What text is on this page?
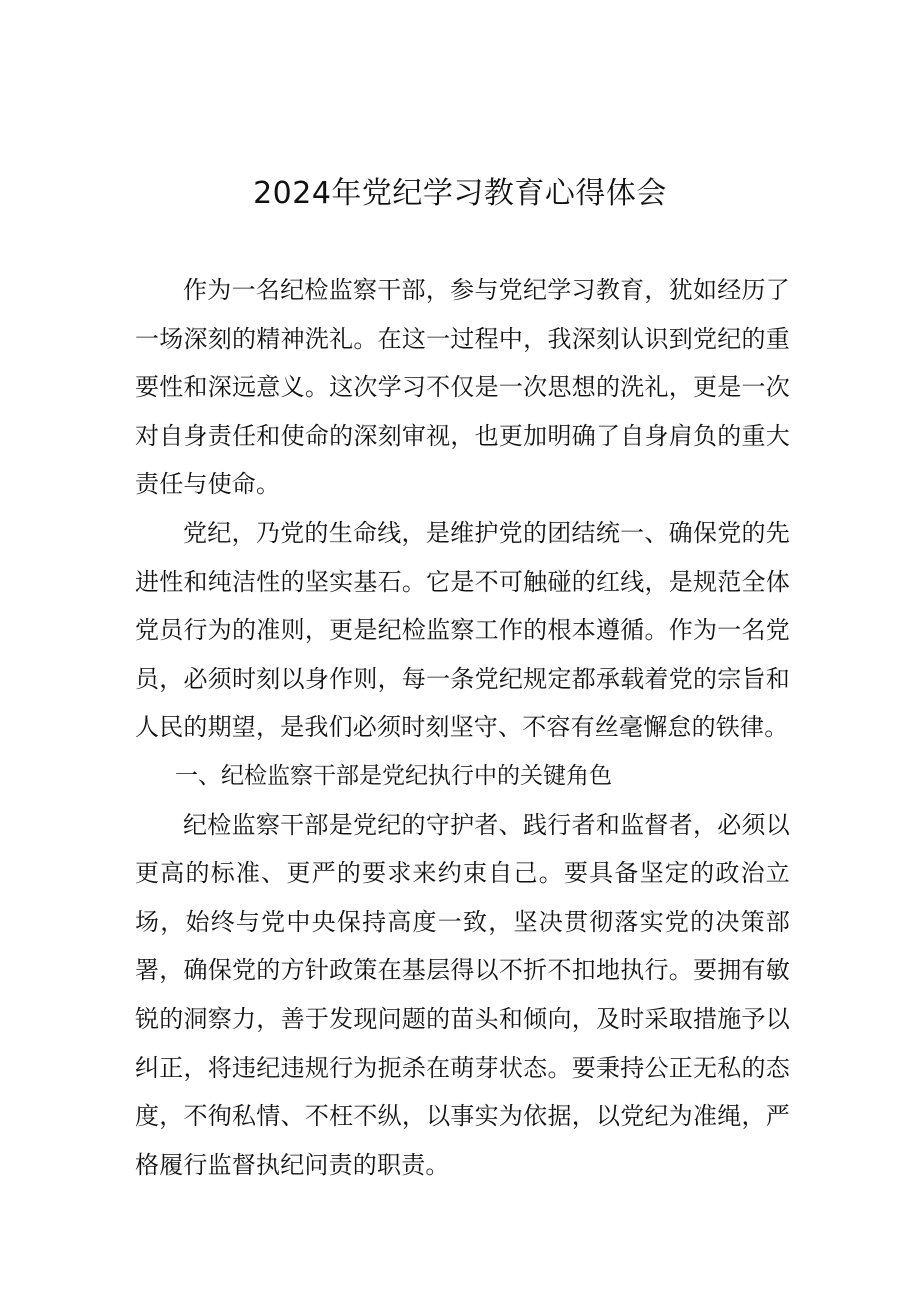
2024年党纪学习教育心得体会

作为一名纪检监察干部，参与党纪学习教育，犹如经历了一场深刻的精神洗礼。在这一过程中，我深刻认识到党纪的重要性和深远意义。这次学习不仅是一次思想的洗礼，更是一次对自身责任和使命的深刻审视，也更加明确了自身肩负的重大责任与使命。

党纪，乃党的生命线，是维护党的团结统一、确保党的先进性和纯洁性的坚实基石。它是不可触碰的红线，是规范全体党员行为的准则，更是纪检监察工作的根本遵循。作为一名党员，必须时刻以身作则，每一条党纪规定都承载着党的宗旨和人民的期望，是我们必须时刻坚守、不容有丝毫懈怠的铁律。

一、纪检监察干部是党纪执行中的关键角色

纪检监察干部是党纪的守护者、践行者和监督者，必须以更高的标准、更严的要求来约束自己。要具备坚定的政治立场，始终与党中央保持高度一致，坚决贯彻落实党的决策部署，确保党的方针政策在基层得以不折不扣地执行。要拥有敏锐的洞察力，善于发现问题的苗头和倾向，及时采取措施予以纠正，将违纪违规行为扼杀在萌芽状态。要秉持公正无私的态度，不徇私情、不枉不纵，以事实为依据，以党纪为准绳，严格履行监督执纪问责的职责。
